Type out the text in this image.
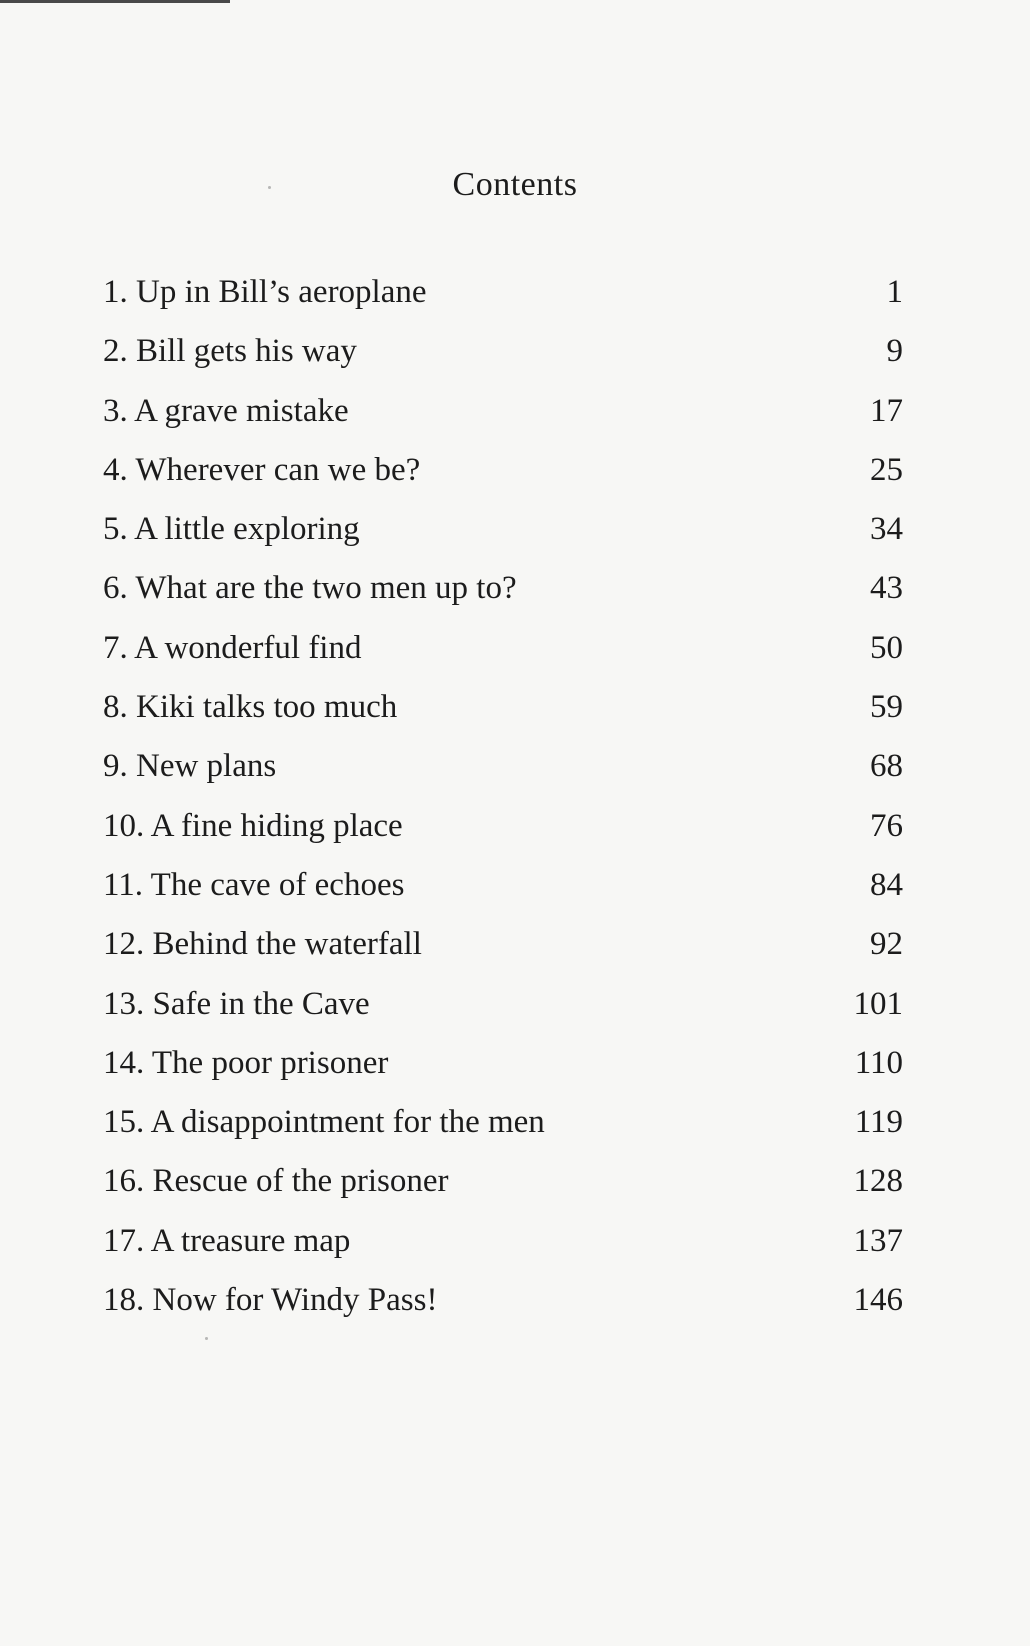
Contents
1. Up in Bill’s aeroplane	1
2. Bill gets his way	9
3. A grave mistake	17
4. Wherever can we be?	25
5. A little exploring	34
6. What are the two men up to?	43
7. A wonderful find	50
8. Kiki talks too much	59
9. New plans	68
10. A fine hiding place	76
11. The cave of echoes	84
12. Behind the waterfall	92
13. Safe in the Cave	101
14. The poor prisoner	110
15. A disappointment for the men	119
16. Rescue of the prisoner	128
17. A treasure map	137
18. Now for Windy Pass!	146
